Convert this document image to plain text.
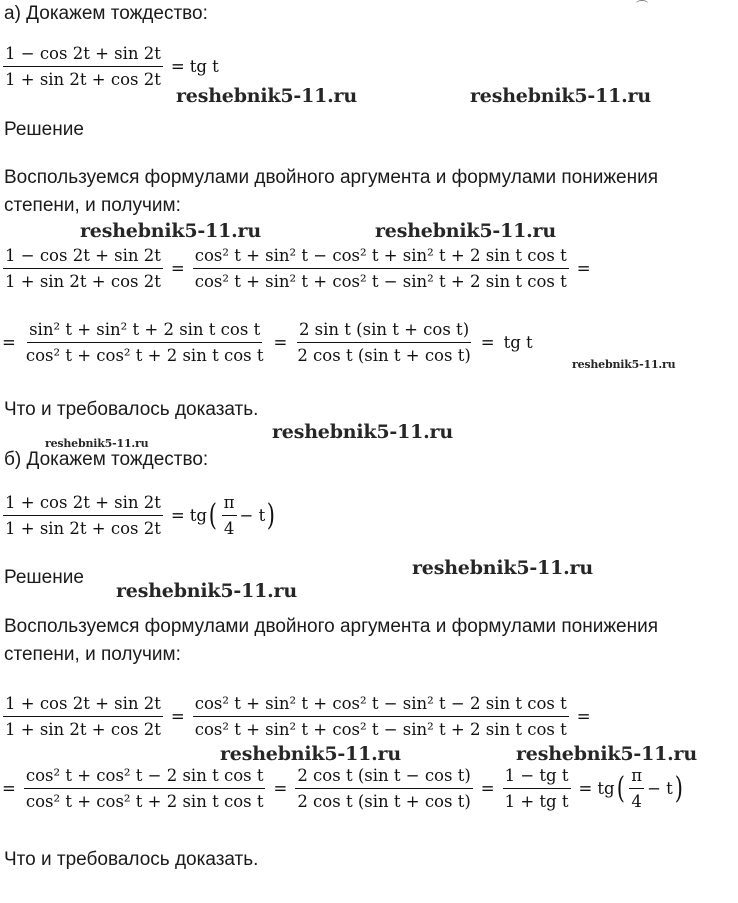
а) Докажем тождество:
$\frac{1 - \cos 2t + \sin 2t}{1 + \sin 2t + \cos 2t}$ = tg t
Решение
Воспользуемся формулами двойного аргумента и формулами понижения степени, и получим:
$\frac{1 - \cos 2t + \sin 2t}{1 + \sin 2t + \cos 2t} = \frac{\text{cos² t + sin² t − cos² t + sin² t + 2 sin t cos t}}{\text{cos² t + sin² t + cos² t − sin² t + 2 sin t cos t}}$ =
= $\frac{\text{sin² t + sin² t + 2 sin t cos t}}{\text{cos² t + cos² t + 2 sin t cos t}} = \frac{\text{2 sin t (sin t + cos t)}}{\text{2 cos t (sin t + cos t)}}$ = tg t
Что и требовалось доказать.
б) Докажем тождество:
$\frac{1 + \cos 2t + \sin 2t}{1 + \sin 2t + \cos 2t}$ = tg ( $\frac{\pi}{4} - t$ )
Решение
Воспользуемся формулами двойного аргумента и формулами понижения степени, и получим:
$\frac{1 + \cos 2t + \sin 2t}{1 + \sin 2t + \cos 2t} = \frac{\text{cos² t + sin² t + cos² t − sin² t − 2 sin t cos t}}{\text{cos² t + sin² t + cos² t − sin² t + 2 sin t cos t}}$ =
= $\frac{\text{cos² t + cos² t − 2 sin t cos t}}{\text{cos² t + cos² t + 2 sin t cos t}} = \frac{\text{2 cos t (sin t − cos t)}}{\text{2 cos t (sin t + cos t)}} = \frac{\text{1 − tg t}}{\text{1 + tg t}}$ = tg ( $\frac{\pi}{4} - t$ )
Что и требовалось доказать.
reshebnik5-11.ru	reshebnik5-11.ru
reshebnik5-11.ru	reshebnik5-11.ru
reshebnik5-11.ru
reshebnik5-11.ru
reshebnik5-11.ru
reshebnik5-11.ru
reshebnik5-11.ru
reshebnik5-11.ru	reshebnik5-11.ru
